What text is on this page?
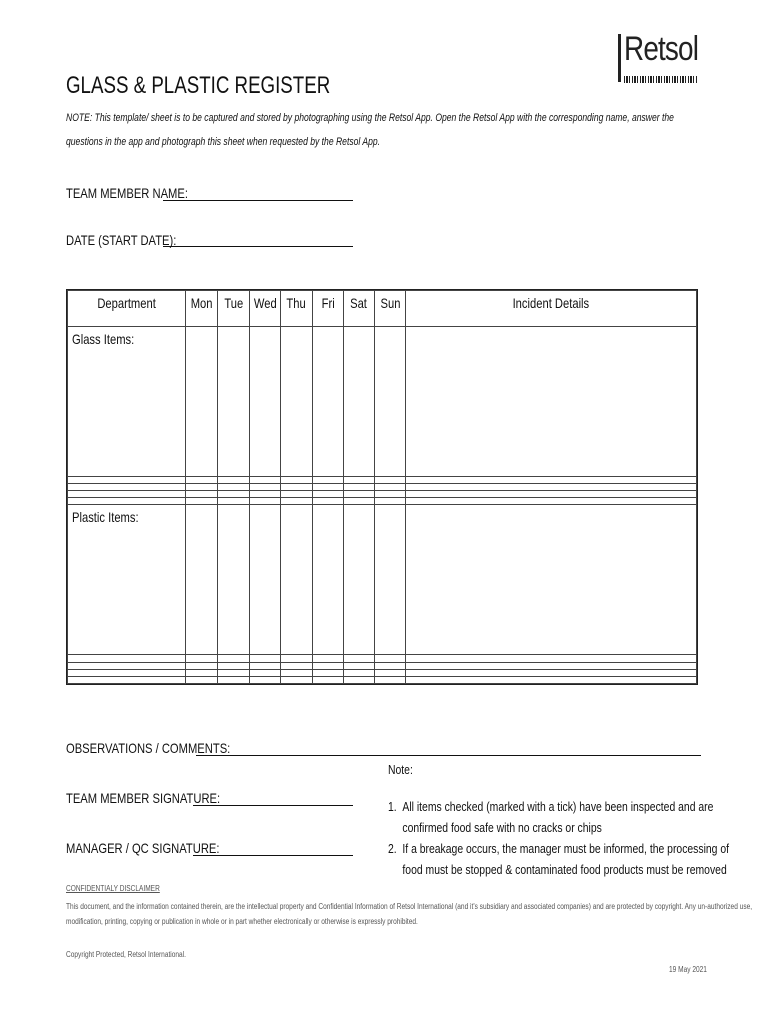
Retsol
GLASS & PLASTIC REGISTER
NOTE: This template/ sheet is to be captured and stored by photographing using the Retsol App. Open the Retsol App with the corresponding name, answer the questions in the app and photograph this sheet when requested by the Retsol App.
TEAM MEMBER NAME:
DATE (START DATE):
Department	Mon	Tue	Wed	Thu	Fri	Sat	Sun	Incident Details
Glass Items:								

Plastic Items:								

OBSERVATIONS / COMMENTS:
Note:
1. All items checked (marked with a tick) have been inspected and are confirmed food safe with no cracks or chips
2. If a breakage occurs, the manager must be informed, the processing of food must be stopped & contaminated food products must be removed
TEAM MEMBER SIGNATURE:
MANAGER / QC SIGNATURE:
CONFIDENTIALY DISCLAIMER
This document, and the information contained therein, are the intellectual property and Confidential Information of Retsol International (and it's subsidiary and associated companies) and are protected by copyright. Any un-authorized use,
modification, printing, copying or publication in whole or in part whether electronically or otherwise is expressly prohibited.
Copyright Protected, Retsol International.
19 May 2021
